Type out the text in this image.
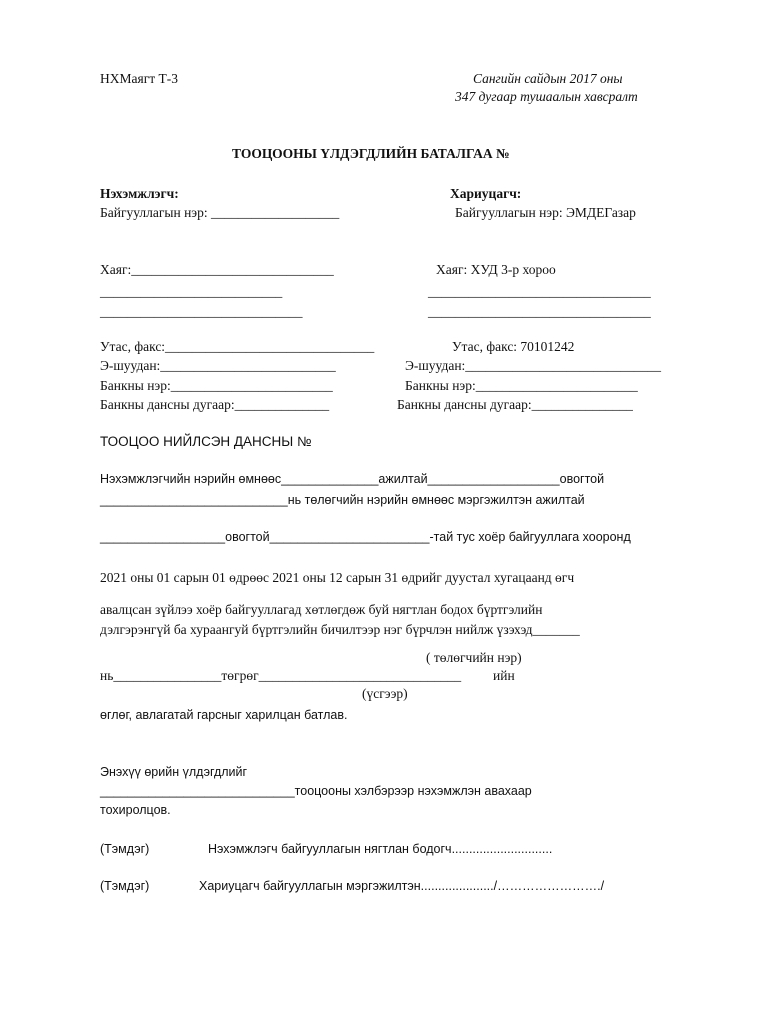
НХМаягт Т-3	Сангийн сайдын 2017 оны
347 дугаар тушаалын хавсралт
ТООЦООНЫ ҮЛДЭГДЛИЙН БАТАЛГАА №
Нэхэмжлэгч:	Хариуцагч:
Байгууллагын нэр: ___________________	Байгууллагын нэр: ЭМДЕГазар
Хаяг:______________________________	Хаяг: ХУД 3-р хороо
___________________________	_________________________________
______________________________	_________________________________
Утас, факс:_______________________________	Утас, факс: 70101242
Э-шуудан:__________________________	Э-шуудан:_____________________________
Банкны нэр:________________________	Банкны нэр:________________________
Банкны дансны дугаар:______________	Банкны дансны дугаар:_______________
ТООЦОО НИЙЛСЭН ДАНСНЫ №
Нэхэмжлэгчийн нэрийн өмнөөс______________ажилтай___________________овогтой
___________________________нь төлөгчийн нэрийн өмнөөс мэргэжилтэн ажилтай
__________________овогтой_______________________-тай тус хоёр байгууллага хооронд
2021 оны 01 сарын 01 өдрөөс 2021 оны 12 сарын 31 өдрийг дуустал хугацаанд өгч
авалцсан зүйлээ хоёр байгууллагад хөтлөгдөж буй нягтлан бодох бүртгэлийн
дэлгэрэнгүй ба хураангуй бүртгэлийн бичилтээр нэг бүрчлэн нийлж үзэхэд_______
( төлөгчийн нэр)
нь________________төгрөг______________________________ ийн
(үсгээр)
өглөг, авлагатай гарсныг харилцан батлав.
Энэхүү өрийн үлдэгдлийг
____________________________тооцооны хэлбэрээр нэхэмжлэн авахаар
тохиролцов.
(Тэмдэг)	Нэхэмжлэгч байгууллагын нягтлан бодогч.............................
(Тэмдэг)	Хариуцагч байгууллагын мэргэжилтэн...................../……………………./
